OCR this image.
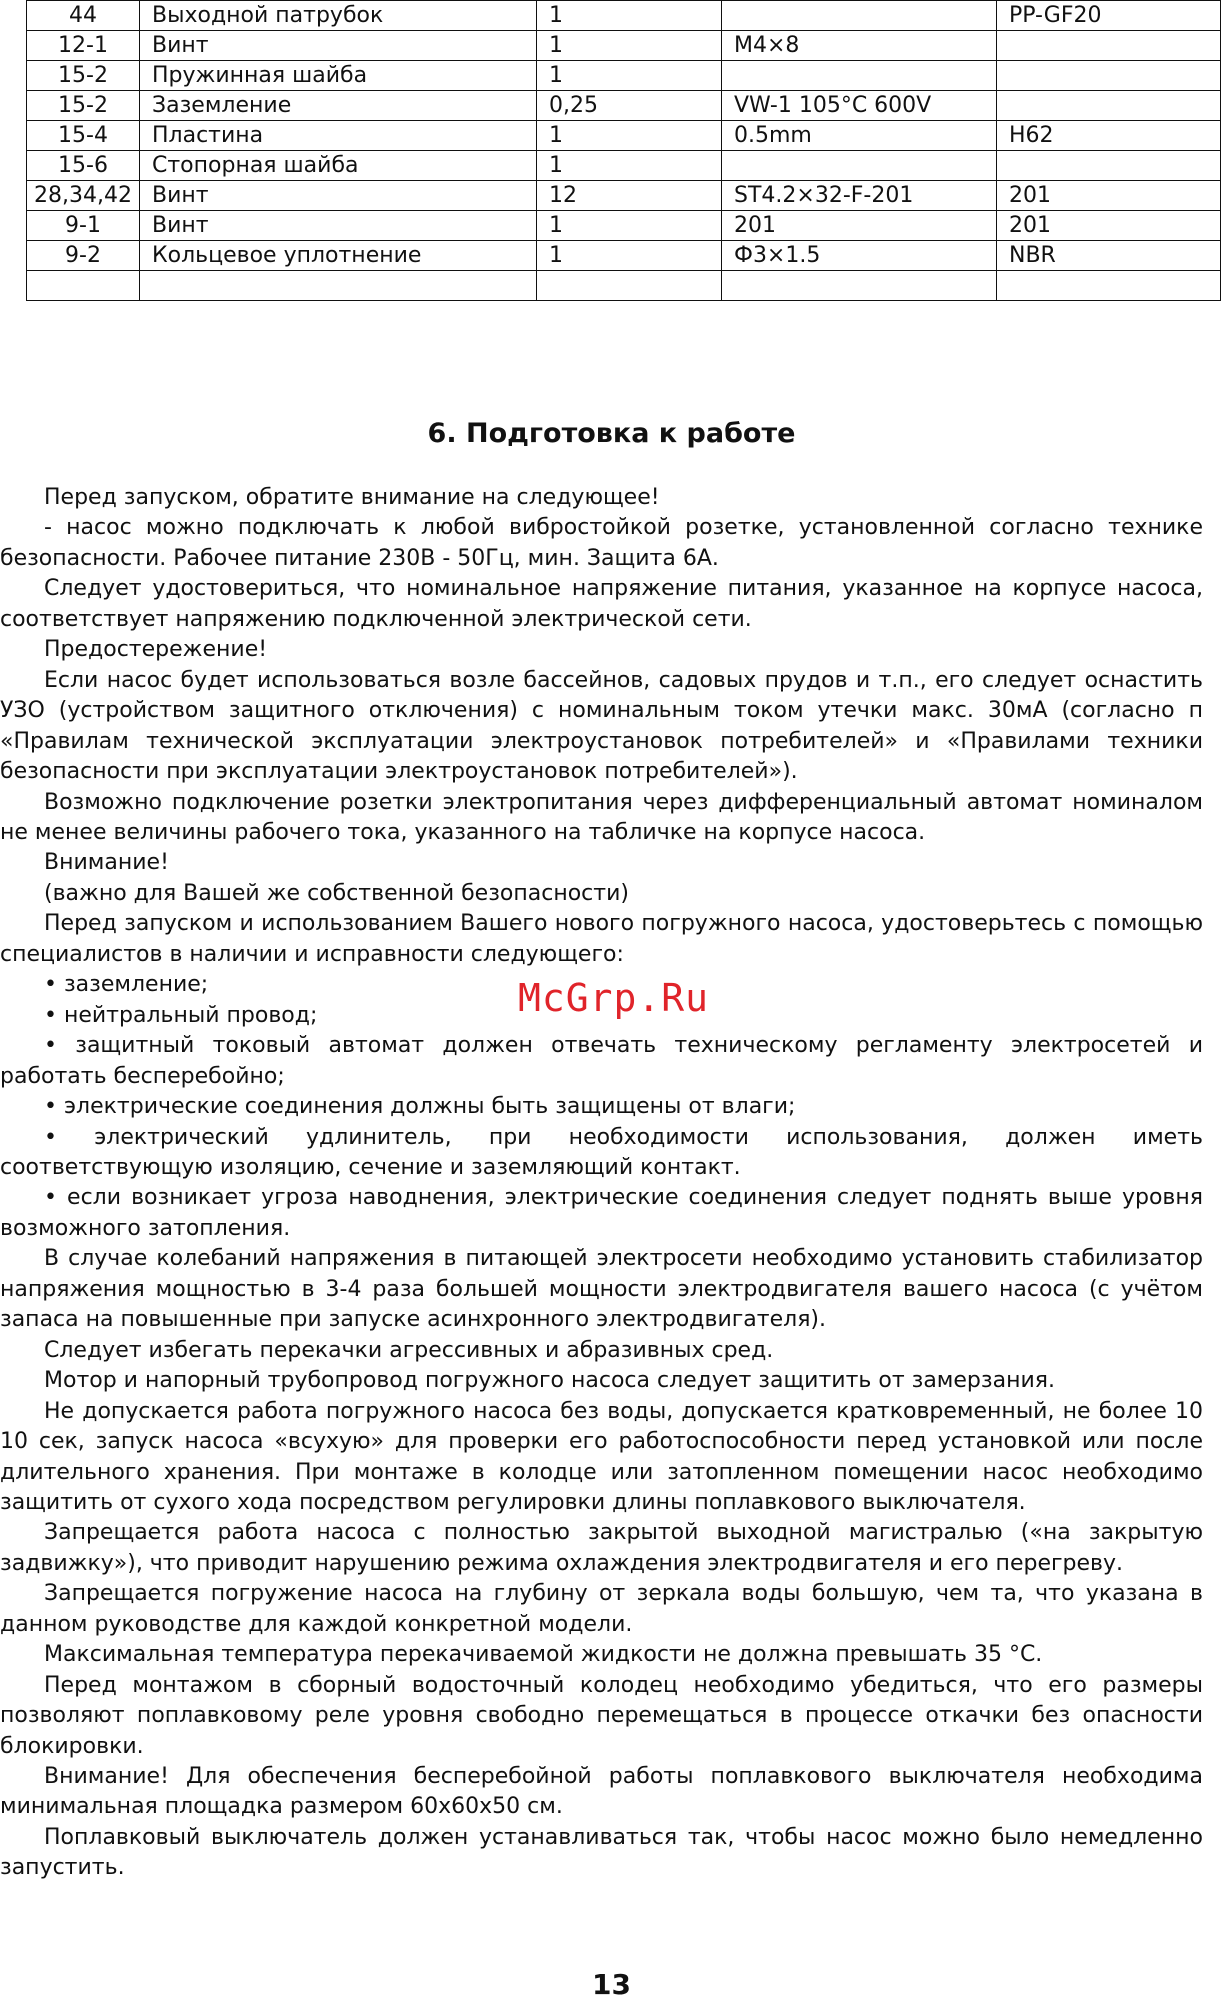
44	Выходной патрубок	1		PP-GF20
12-1	Винт	1	M4×8	
15-2	Пружинная шайба	1		
15-2	Заземление	0,25	VW-1 105°C 600V	
15-4	Пластина	1	0.5mm	H62
15-6	Стопорная шайба	1		
28,34,42	Винт	12	ST4.2×32-F-201	201
9-1	Винт	1	201	201
9-2	Кольцевое уплотнение	1	Ф3×1.5	NBR

6. Подготовка к работе

Перед запуском, обратите внимание на следующее!

- насос можно подключать к любой вибростойкой розетке, установленной согласно технике безопасности. Рабочее питание 230В - 50Гц, мин. Защита 6А.

Следует удостовериться, что номинальное напряжение питания, указанное на корпусе насоса, соответствует напряжению подключенной электрической сети.

Предостережение!

Если насос будет использоваться возле бассейнов, садовых прудов и т.п., его следует оснастить УЗО (устройством защитного отключения) с номинальным током утечки макс. 30мА (согласно п «Правилам технической эксплуатации электроустановок потребителей» и «Правилами техники безопасности при эксплуатации электроустановок потребителей»).

Возможно подключение розетки электропитания через дифференциальный автомат номиналом не менее величины рабочего тока, указанного на табличке на корпусе насоса.

Внимание!

(важно для Вашей же собственной безопасности)

Перед запуском и использованием Вашего нового погружного насоса, удостоверьтесь с помощью специалистов в наличии и исправности следующего:

• заземление;

• нейтральный провод;

• защитный токовый автомат должен отвечать техническому регламенту электросетей и работать бесперебойно;

• электрические соединения должны быть защищены от влаги;

• электрический удлинитель, при необходимости использования, должен иметь соответствующую изоляцию, сечение и заземляющий контакт.

• если возникает угроза наводнения, электрические соединения следует поднять выше уровня возможного затопления.

В случае колебаний напряжения в питающей электросети необходимо установить стабилизатор напряжения мощностью в 3-4 раза большей мощности электродвигателя вашего насоса (с учётом запаса на повышенные при запуске асинхронного электродвигателя).

Следует избегать перекачки агрессивных и абразивных сред.

Мотор и напорный трубопровод погружного насоса следует защитить от замерзания.

Не допускается работа погружного насоса без воды, допускается кратковременный, не более 10 10 сек, запуск насоса «всухую» для проверки его работоспособности перед установкой или после длительного хранения. При монтаже в колодце или затопленном помещении насос необходимо защитить от сухого хода посредством регулировки длины поплавкового выключателя.

Запрещается работа насоса с полностью закрытой выходной магистралью («на закрытую задвижку»), что приводит нарушению режима охлаждения электродвигателя и его перегреву.

Запрещается погружение насоса на глубину от зеркала воды большую, чем та, что указана в данном руководстве для каждой конкретной модели.

Максимальная температура перекачиваемой жидкости не должна превышать 35 °С.

Перед монтажом в сборный водосточный колодец необходимо убедиться, что его размеры позволяют поплавковому реле уровня свободно перемещаться в процессе откачки без опасности блокировки.

Внимание! Для обеспечения бесперебойной работы поплавкового выключателя необходима минимальная площадка размером 60х60х50 см.

Поплавковый выключатель должен устанавливаться так, чтобы насос можно было немедленно запустить.

McGrp.Ru
13
